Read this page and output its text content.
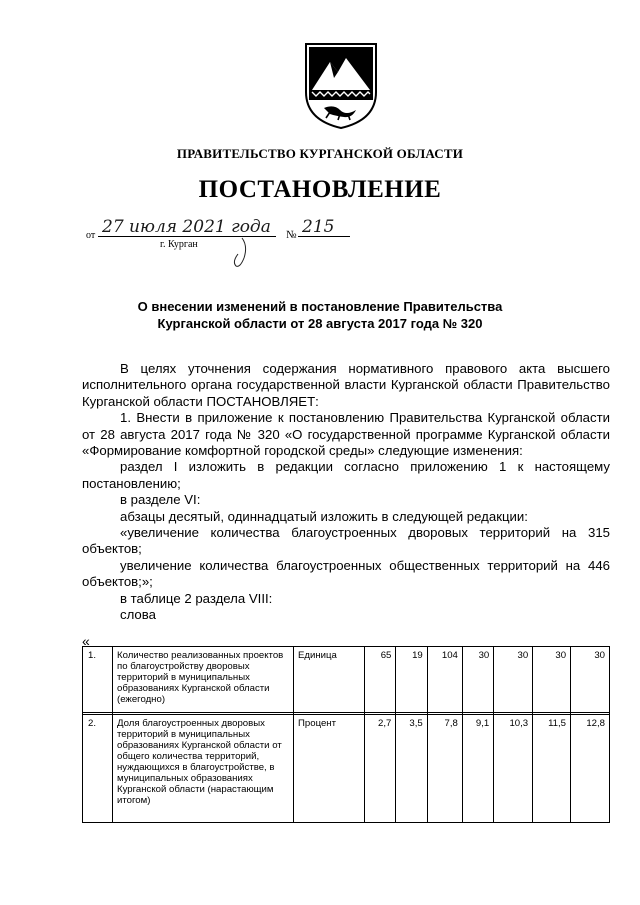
ПРАВИТЕЛЬСТВО КУРГАНСКОЙ ОБЛАСТИ
ПОСТАНОВЛЕНИЕ
от 27 июля 2021 года № 215
г. Курган
О внесении изменений в постановление Правительства
Курганской области от 28 августа 2017 года № 320

В целях уточнения содержания нормативного правового акта высшего исполнительного органа государственной власти Курганской области Правительство Курганской области ПОСТАНОВЛЯЕТ:

1. Внести в приложение к постановлению Правительства Курганской области от 28 августа 2017 года № 320 «О государственной программе Курганской области «Формирование комфортной городской среды» следующие изменения:

раздел I изложить в редакции согласно приложению 1 к настоящему постановлению;

в разделе VI:

абзацы десятый, одиннадцатый изложить в следующей редакции:

«увеличение количества благоустроенных дворовых территорий на 315 объектов;

увеличение количества благоустроенных общественных территорий на 446 объектов;»;

в таблице 2 раздела VIII:

слова

«
1.	Количество реализованных проектов по благоустройству дворовых территорий в муниципальных образованиях Курганской области (ежегодно)	Единица	65	19	104	30	30	30	30
2.	Доля благоустроенных дворовых территорий в муниципальных образованиях Курганской области от общего количества территорий, нуждающихся в благоустройстве, в муниципальных образованиях Курганской области (нарастающим итогом)	Процент	2,7	3,5	7,8	9,1	10,3	11,5	12,8
